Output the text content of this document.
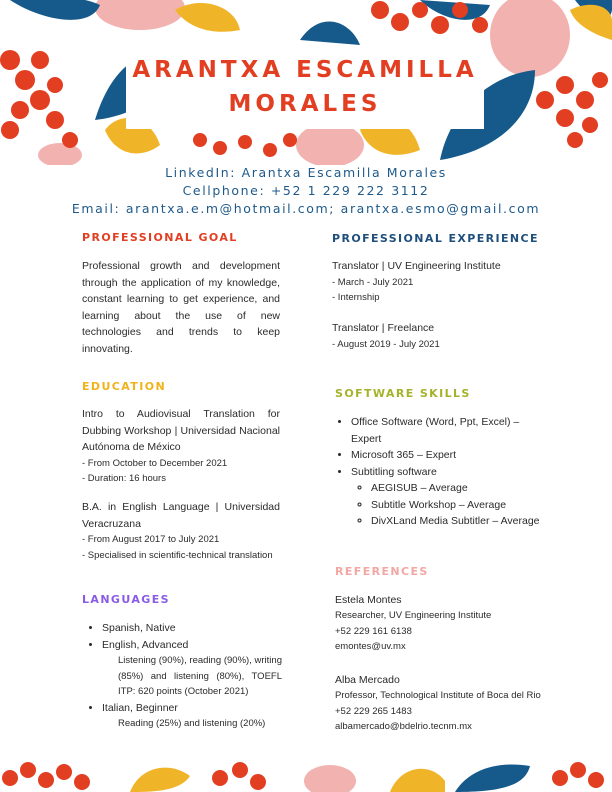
ARANTXA ESCAMILLA
MORALES
LinkedIn: Arantxa Escamilla Morales
Cellphone: +52 1 229 222 3112
Email: arantxa.e.m@hotmail.com; arantxa.esmo@gmail.com
PROFESSIONAL GOAL
Professional growth and development through the application of my knowledge, constant learning to get experience, and learning about the use of new technologies and trends to keep innovating.
EDUCATION
Intro to Audiovisual Translation for Dubbing Workshop | Universidad Nacional Autónoma de México
- From October to December 2021
- Duration: 16 hours
B.A. in English Language | Universidad Veracruzana
- From August 2017 to July 2021
- Specialised in scientific-technical translation
LANGUAGES
• Spanish, Native
• English, Advanced
Listening (90%), reading (90%), writing (85%) and listening (80%), TOEFL ITP: 620 points (October 2021)
• Italian, Beginner
Reading (25%) and listening (20%)
PROFESSIONAL EXPERIENCE
Translator | UV Engineering Institute
- March - July 2021
- Internship
Translator | Freelance
- August 2019 - July 2021
SOFTWARE SKILLS
• Office Software (Word, Ppt, Excel) – Expert
• Microsoft 365 – Expert
• Subtitling software
◦ AEGISUB – Average
◦ Subtitle Workshop – Average
◦ DivXLand Media Subtitler – Average
REFERENCES
Estela Montes
Researcher, UV Engineering Institute
+52 229 161 6138
emontes@uv.mx
Alba Mercado
Professor, Technological Institute of Boca del Rio
+52 229 265 1483
albamercado@bdelrio.tecnm.mx
